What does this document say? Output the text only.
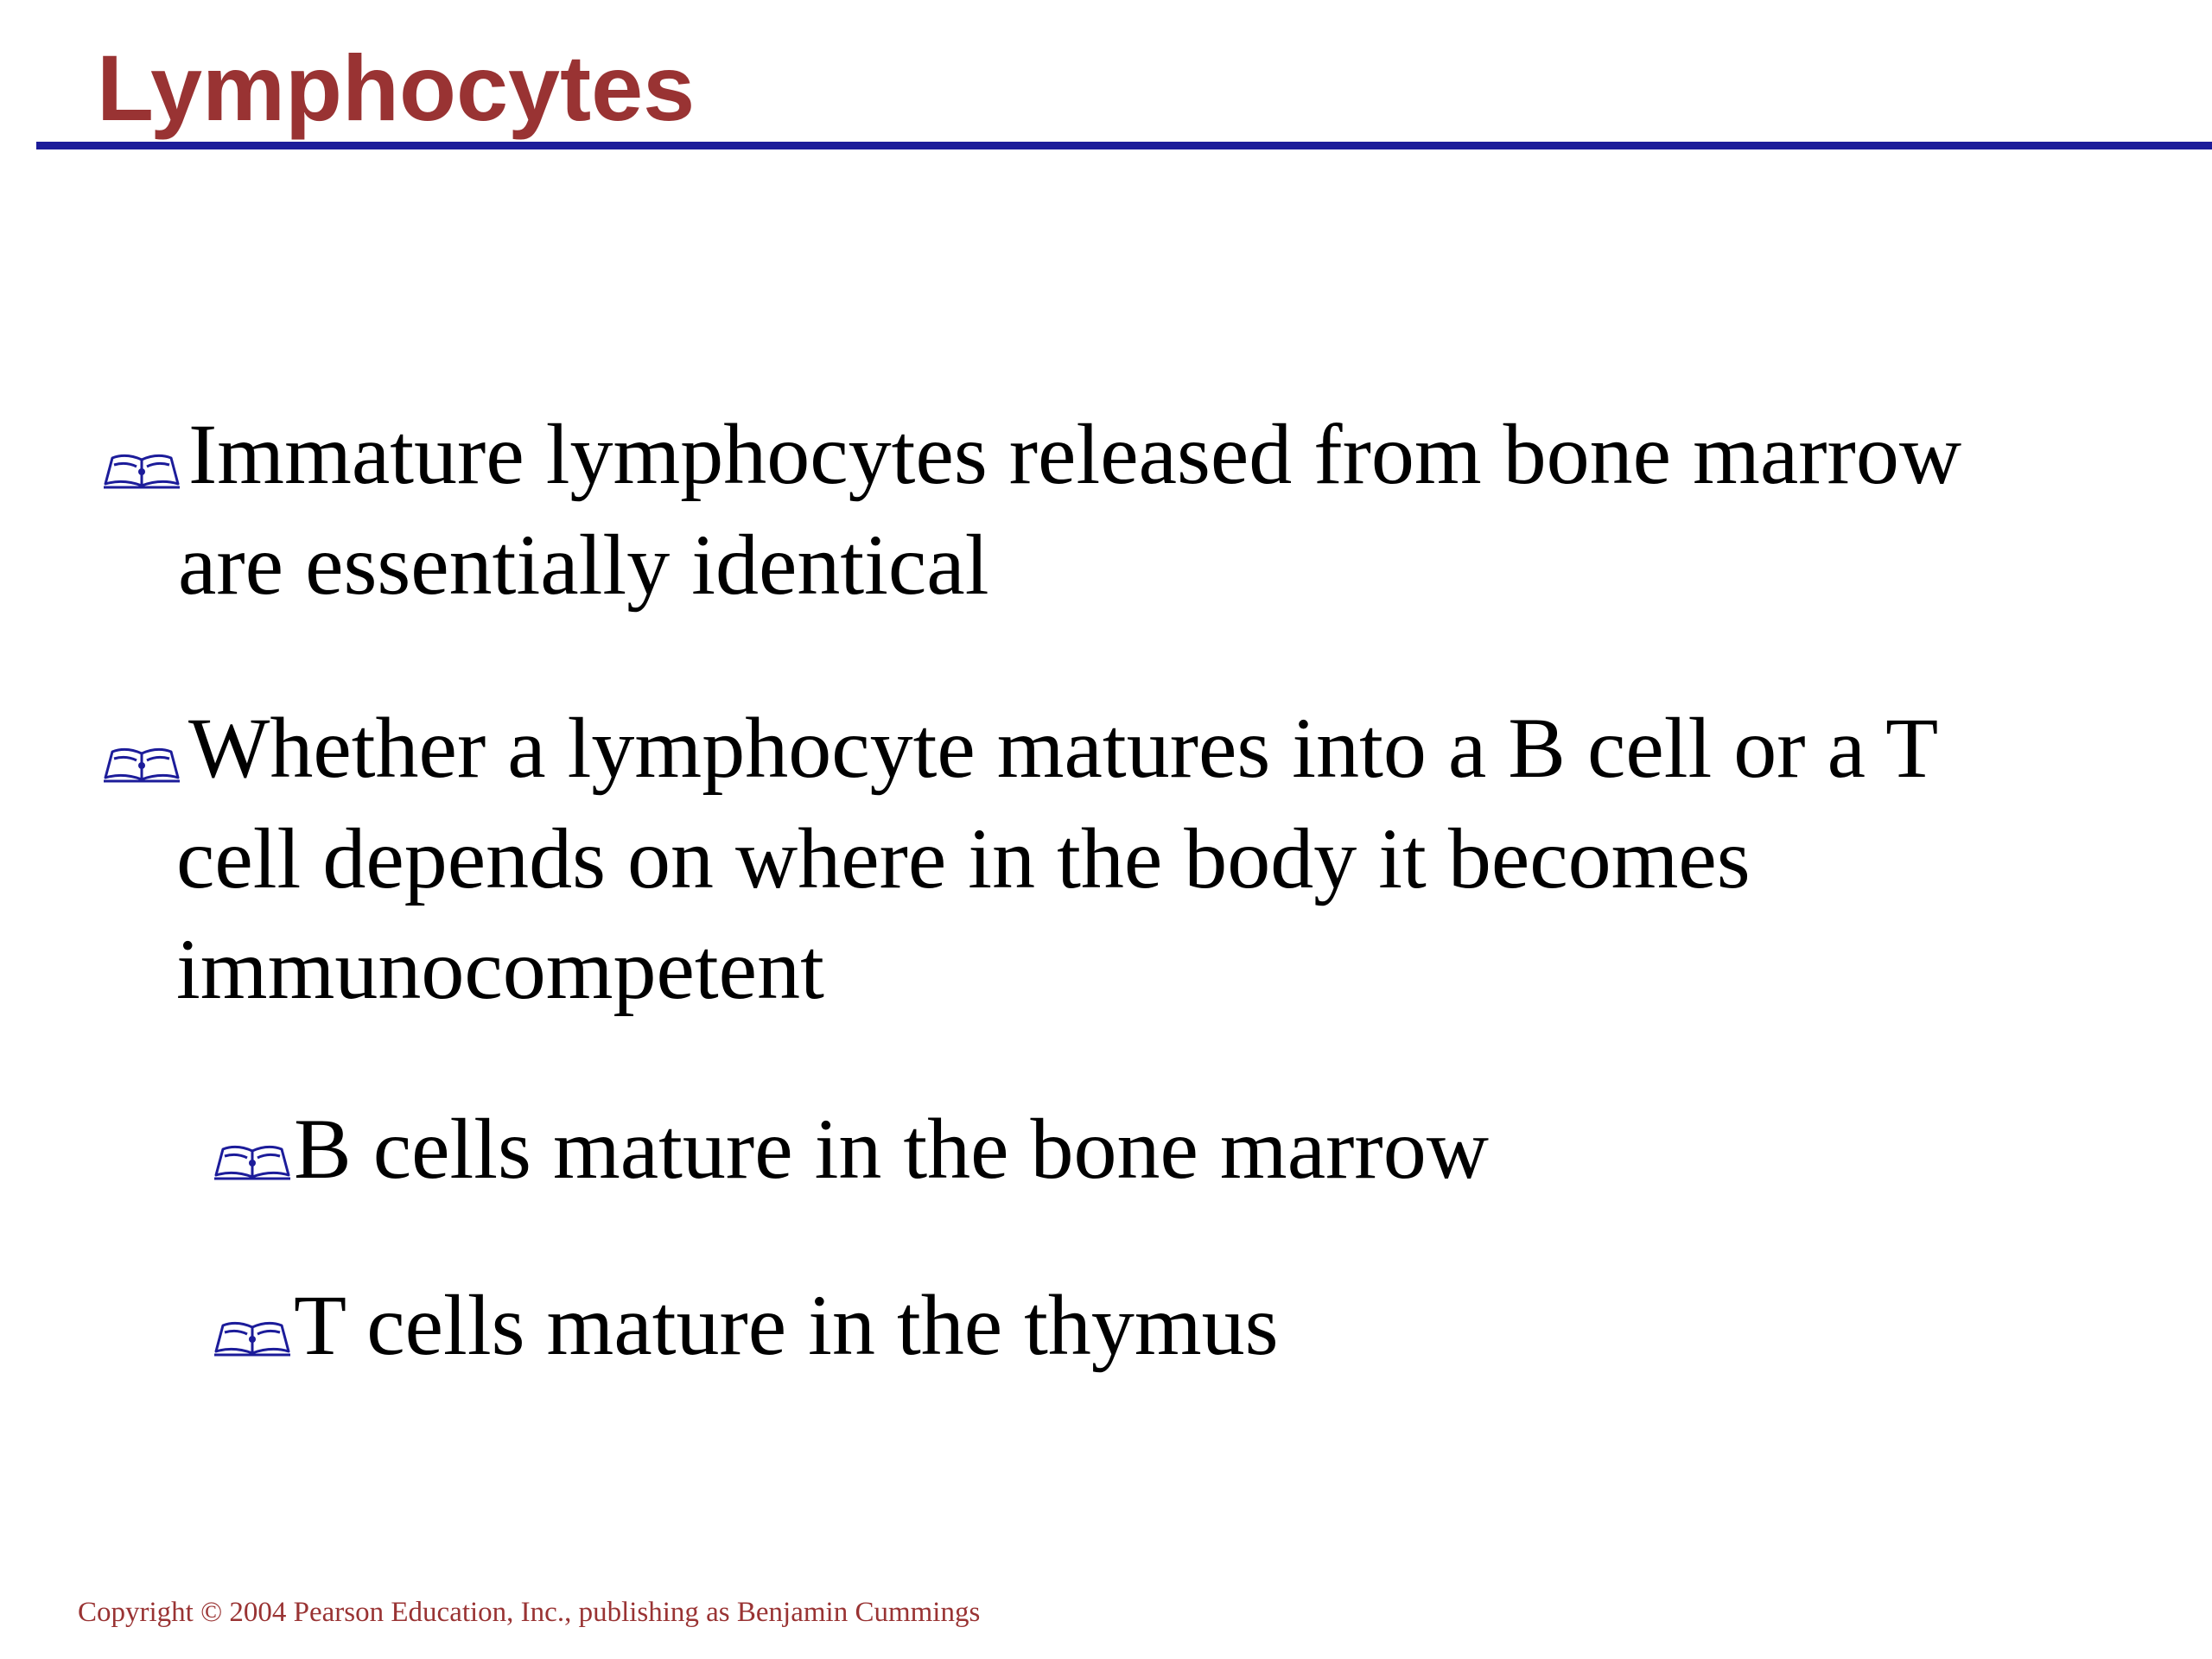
Lymphocytes
Immature lymphocytes released from bone marrow
are essentially identical
Whether a lymphocyte matures into a B cell or a T
cell depends on where in the body it becomes
immunocompetent
B cells mature in the bone marrow
T cells mature in the thymus
Copyright © 2004 Pearson Education, Inc., publishing as Benjamin Cummings
